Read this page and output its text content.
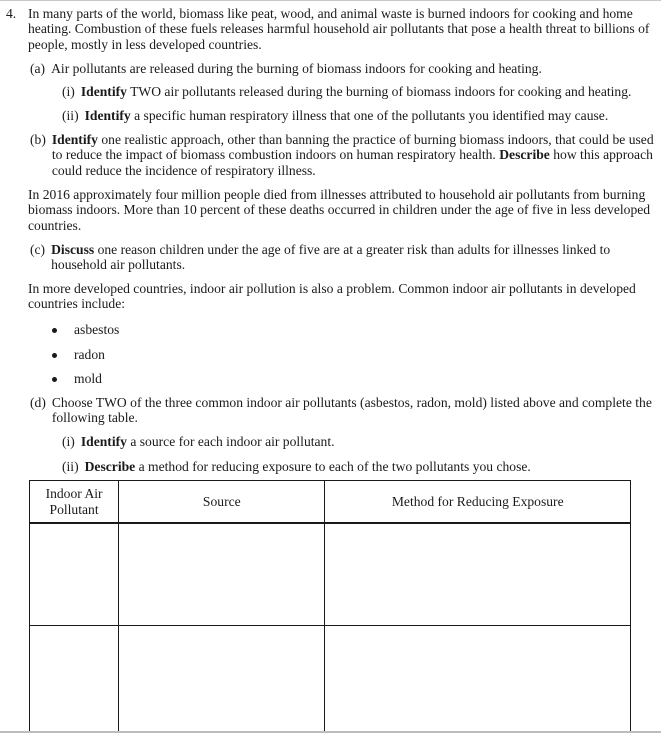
4. In many parts of the world, biomass like peat, wood, and animal waste is burned indoors for cooking and home heating. Combustion of these fuels releases harmful household air pollutants that pose a health threat to billions of people, mostly in less developed countries.
(a) Air pollutants are released during the burning of biomass indoors for cooking and heating.
(i) Identify TWO air pollutants released during the burning of biomass indoors for cooking and heating.
(ii) Identify a specific human respiratory illness that one of the pollutants you identified may cause.
(b) Identify one realistic approach, other than banning the practice of burning biomass indoors, that could be used to reduce the impact of biomass combustion indoors on human respiratory health. Describe how this approach could reduce the incidence of respiratory illness.
In 2016 approximately four million people died from illnesses attributed to household air pollutants from burning biomass indoors. More than 10 percent of these deaths occurred in children under the age of five in less developed countries.
(c) Discuss one reason children under the age of five are at a greater risk than adults for illnesses linked to household air pollutants.
In more developed countries, indoor air pollution is also a problem. Common indoor air pollutants in developed countries include:
asbestos
radon
mold
(d) Choose TWO of the three common indoor air pollutants (asbestos, radon, mold) listed above and complete the following table.
(i) Identify a source for each indoor air pollutant.
(ii) Describe a method for reducing exposure to each of the two pollutants you chose.
Indoor Air Pollutant	Source	Method for Reducing Exposure
